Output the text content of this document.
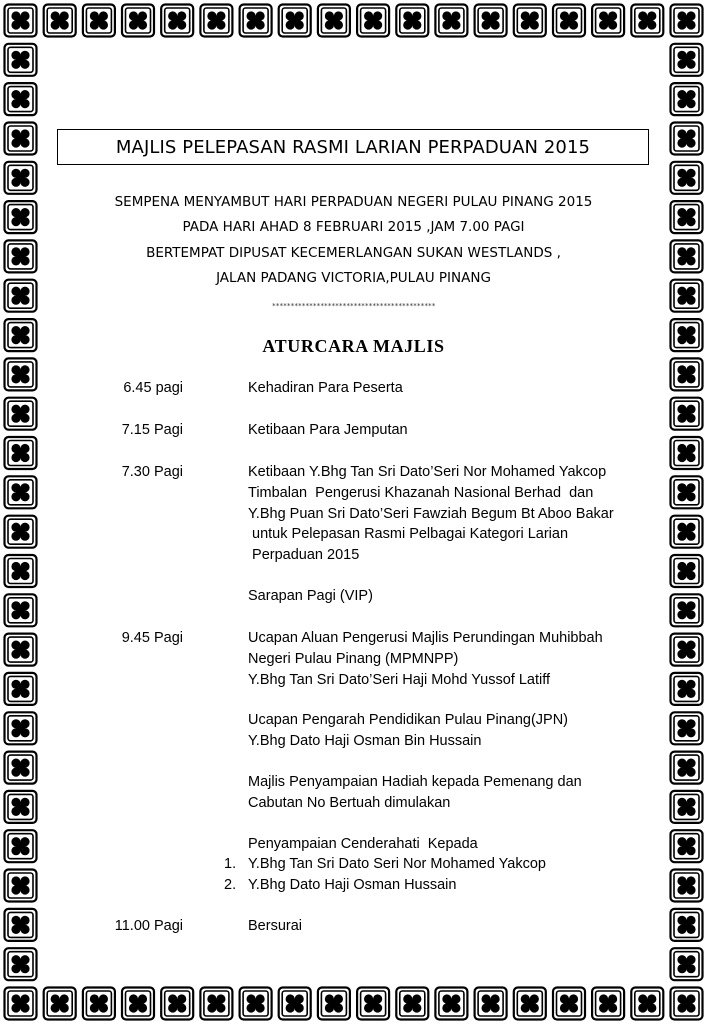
MAJLIS PELEPASAN RASMI LARIAN PERPADUAN 2015
SEMPENA MENYAMBUT HARI PERPADUAN NEGERI PULAU PINANG 2015
PADA HARI AHAD 8 FEBRUARI 2015 ,JAM 7.00 PAGI
BERTEMPAT DIPUSAT KECEMERLANGAN SUKAN WESTLANDS ,
JALAN PADANG VICTORIA,PULAU PINANG
********************************************
ATURCARA MAJLIS
6.45 pagi	Kehadiran Para Peserta
7.15 Pagi	Ketibaan Para Jemputan
7.30 Pagi	Ketibaan Y.Bhg Tan Sri Dato’Seri Nor Mohamed Yakcop
Timbalan  Pengerusi Khazanah Nasional Berhad  dan
Y.Bhg Puan Sri Dato’Seri Fawziah Begum Bt Aboo Bakar
untuk Pelepasan Rasmi Pelbagai Kategori Larian
Perpaduan 2015
Sarapan Pagi (VIP)
9.45 Pagi	Ucapan Aluan Pengerusi Majlis Perundingan Muhibbah
Negeri Pulau Pinang (MPMNPP)
Y.Bhg Tan Sri Dato’Seri Haji Mohd Yussof Latiff
Ucapan Pengarah Pendidikan Pulau Pinang(JPN)
Y.Bhg Dato Haji Osman Bin Hussain
Majlis Penyampaian Hadiah kepada Pemenang dan
Cabutan No Bertuah dimulakan
Penyampaian Cenderahati  Kepada
1. Y.Bhg Tan Sri Dato Seri Nor Mohamed Yakcop
2. Y.Bhg Dato Haji Osman Hussain
11.00 Pagi	Bersurai
